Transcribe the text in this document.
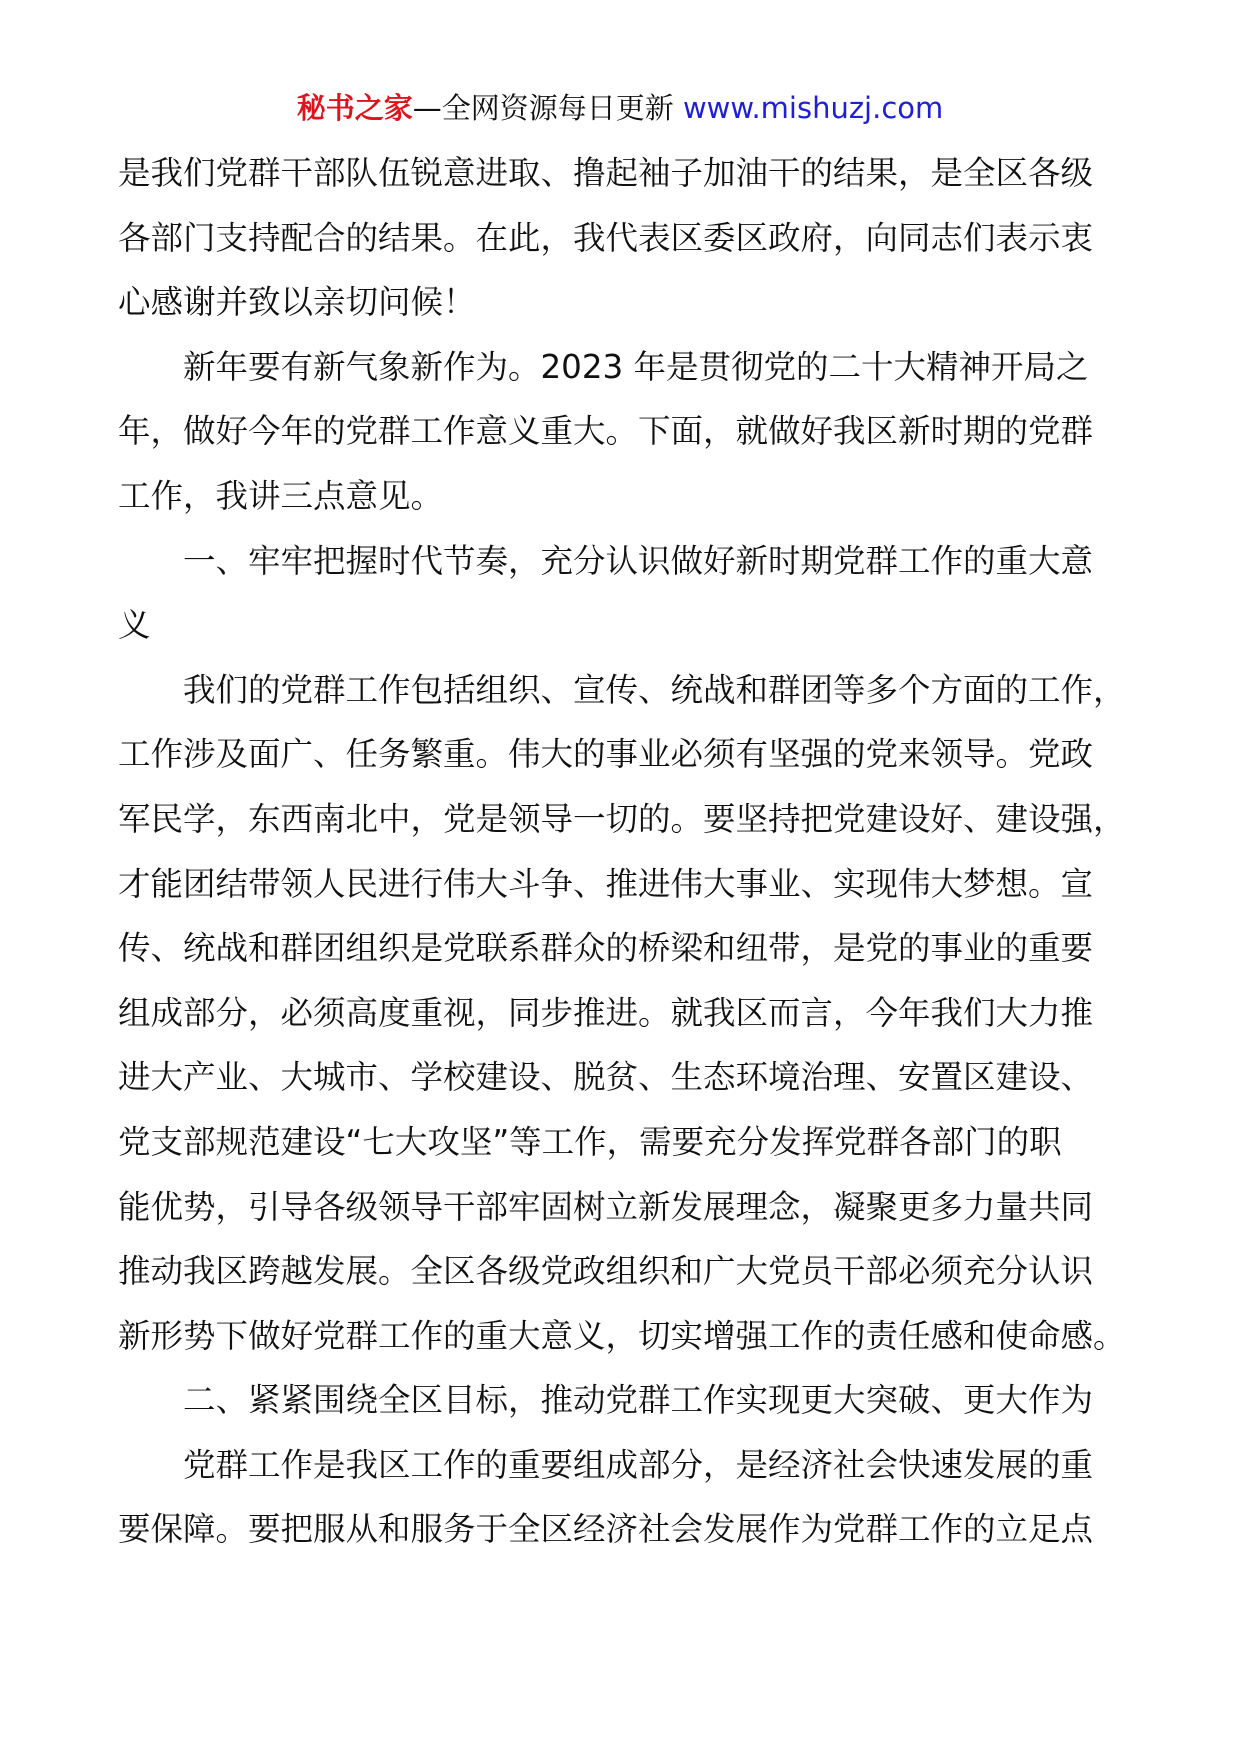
秘书之家—全网资源每日更新 www.mishuzj.com
是我们党群干部队伍锐意进取、撸起袖子加油干的结果，是全区各级
各部门支持配合的结果。在此，我代表区委区政府，向同志们表示衷
心感谢并致以亲切问候！
　　新年要有新气象新作为。2023 年是贯彻党的二十大精神开局之
年，做好今年的党群工作意义重大。下面，就做好我区新时期的党群
工作，我讲三点意见。
　　一、牢牢把握时代节奏，充分认识做好新时期党群工作的重大意
义
　　我们的党群工作包括组织、宣传、统战和群团等多个方面的工作，
工作涉及面广、任务繁重。伟大的事业必须有坚强的党来领导。党政
军民学，东西南北中，党是领导一切的。要坚持把党建设好、建设强，
才能团结带领人民进行伟大斗争、推进伟大事业、实现伟大梦想。宣
传、统战和群团组织是党联系群众的桥梁和纽带，是党的事业的重要
组成部分，必须高度重视，同步推进。就我区而言，今年我们大力推
进大产业、大城市、学校建设、脱贫、生态环境治理、安置区建设、
党支部规范建设“七大攻坚”等工作，需要充分发挥党群各部门的职
能优势，引导各级领导干部牢固树立新发展理念，凝聚更多力量共同
推动我区跨越发展。全区各级党政组织和广大党员干部必须充分认识
新形势下做好党群工作的重大意义，切实增强工作的责任感和使命感。
　　二、紧紧围绕全区目标，推动党群工作实现更大突破、更大作为
　　党群工作是我区工作的重要组成部分，是经济社会快速发展的重
要保障。要把服从和服务于全区经济社会发展作为党群工作的立足点
